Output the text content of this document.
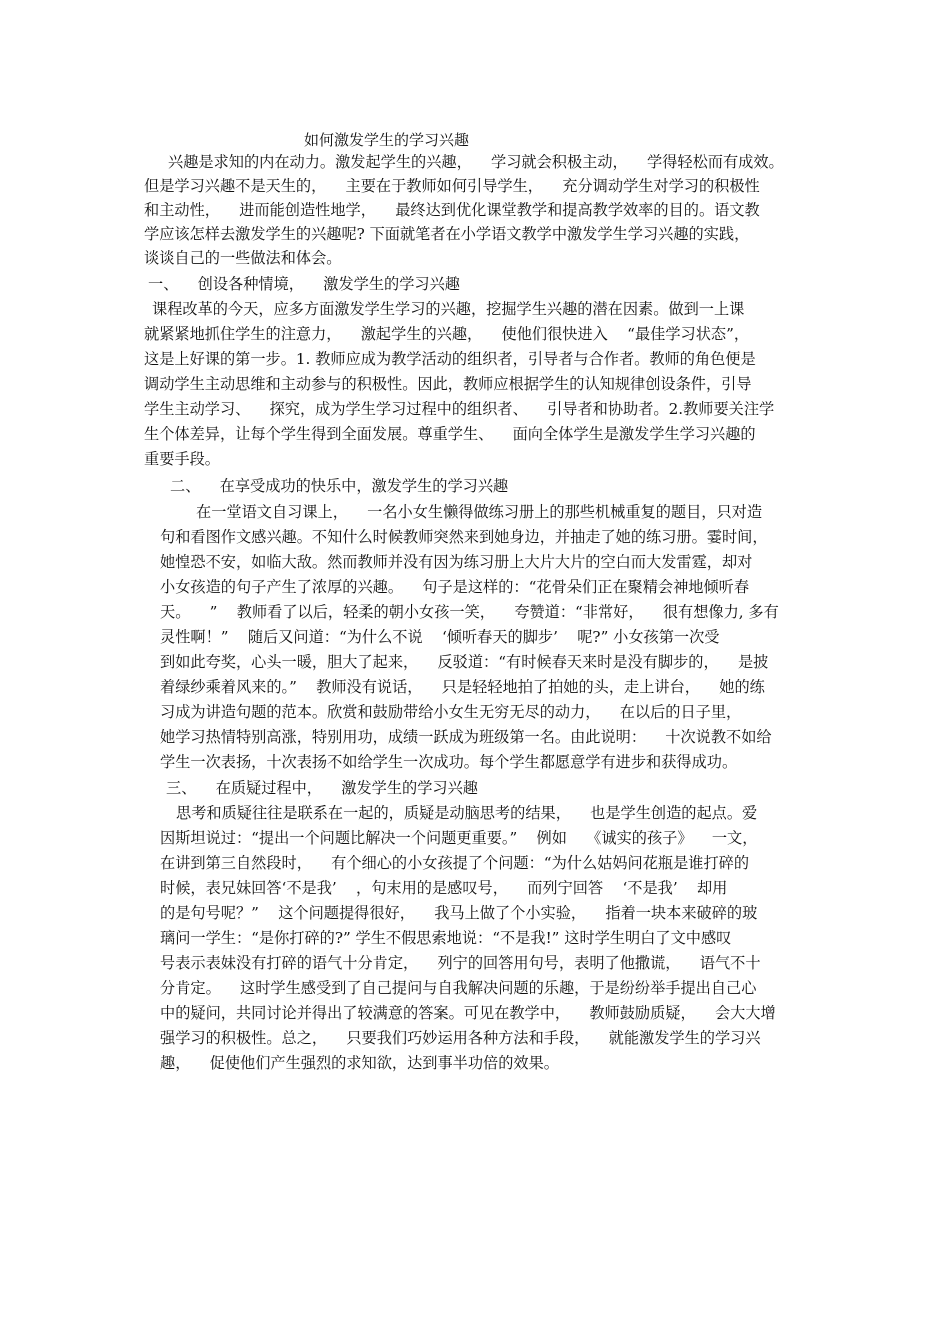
如何激发学生的学习兴趣
兴趣是求知的内在动力。激发起学生的兴趣，    学习就会积极主动，    学得轻松而有成效。
但是学习兴趣不是天生的，    主要在于教师如何引导学生，    充分调动学生对学习的积极性
和主动性，    进而能创造性地学，    最终达到优化课堂教学和提高教学效率的目的。语文教
学应该怎样去激发学生的兴趣呢? 下面就笔者在小学语文教学中激发学生学习兴趣的实践，
谈谈自己的一些做法和体会。
一、    创设各种情境，    激发学生的学习兴趣
课程改革的今天，应多方面激发学生学习的兴趣，挖掘学生兴趣的潜在因素。做到一上课
就紧紧地抓住学生的注意力，    激起学生的兴趣，    使他们很快进入    “最佳学习状态”，
这是上好课的第一步。1. 教师应成为教学活动的组织者，引导者与合作者。教师的角色便是
调动学生主动思维和主动参与的积极性。因此，教师应根据学生的认知规律创设条件，引导
学生主动学习、    探究，成为学生学习过程中的组织者、    引导者和协助者。2.教师要关注学
生个体差异，让每个学生得到全面发展。尊重学生、    面向全体学生是激发学生学习兴趣的
重要手段。
二、    在享受成功的快乐中，激发学生的学习兴趣
在一堂语文自习课上，    一名小女生懒得做练习册上的那些机械重复的题目，只对造
句和看图作文感兴趣。不知什么时候教师突然来到她身边，并抽走了她的练习册。霎时间，
她惶恐不安，如临大敌。然而教师并没有因为练习册上大片大片的空白而大发雷霆，却对
小女孩造的句子产生了浓厚的兴趣。    句子是这样的：“花骨朵们正在聚精会神地倾听春
天。    ”    教师看了以后，轻柔的朝小女孩一笑，    夸赞道：“非常好，    很有想像力, 多有
灵性啊！”    随后又问道：“为什么不说    ‘倾听春天的脚步’    呢?” 小女孩第一次受
到如此夸奖，心头一暖，胆大了起来，    反驳道：“有时候春天来时是没有脚步的，    是披
着绿纱乘着风来的。”    教师没有说话，    只是轻轻地拍了拍她的头，走上讲台，    她的练
习成为讲造句题的范本。欣赏和鼓励带给小女生无穷无尽的动力，    在以后的日子里，
她学习热情特别高涨，特别用功，成绩一跃成为班级第一名。由此说明：    十次说教不如给
学生一次表扬，十次表扬不如给学生一次成功。每个学生都愿意学有进步和获得成功。
三、    在质疑过程中，    激发学生的学习兴趣
思考和质疑往往是联系在一起的，质疑是动脑思考的结果，    也是学生创造的起点。爱
因斯坦说过：“提出一个问题比解决一个问题更重要。”    例如    《诚实的孩子》    一文，
在讲到第三自然段时，    有个细心的小女孩提了个问题：“为什么姑妈问花瓶是谁打碎的
时候，表兄妹回答‘不是我’    ，句末用的是感叹号，    而列宁回答    ‘不是我’    却用
的是句号呢？”    这个问题提得很好，    我马上做了个小实验，    指着一块本来破碎的玻
璃问一学生：“是你打碎的?” 学生不假思索地说：“不是我!” 这时学生明白了文中感叹
号表示表妹没有打碎的语气十分肯定，    列宁的回答用句号，表明了他撒谎，    语气不十
分肯定。    这时学生感受到了自己提问与自我解决问题的乐趣，于是纷纷举手提出自己心
中的疑问，共同讨论并得出了较满意的答案。可见在教学中，    教师鼓励质疑，    会大大增
强学习的积极性。总之，    只要我们巧妙运用各种方法和手段，    就能激发学生的学习兴
趣，    促使他们产生强烈的求知欲，达到事半功倍的效果。
